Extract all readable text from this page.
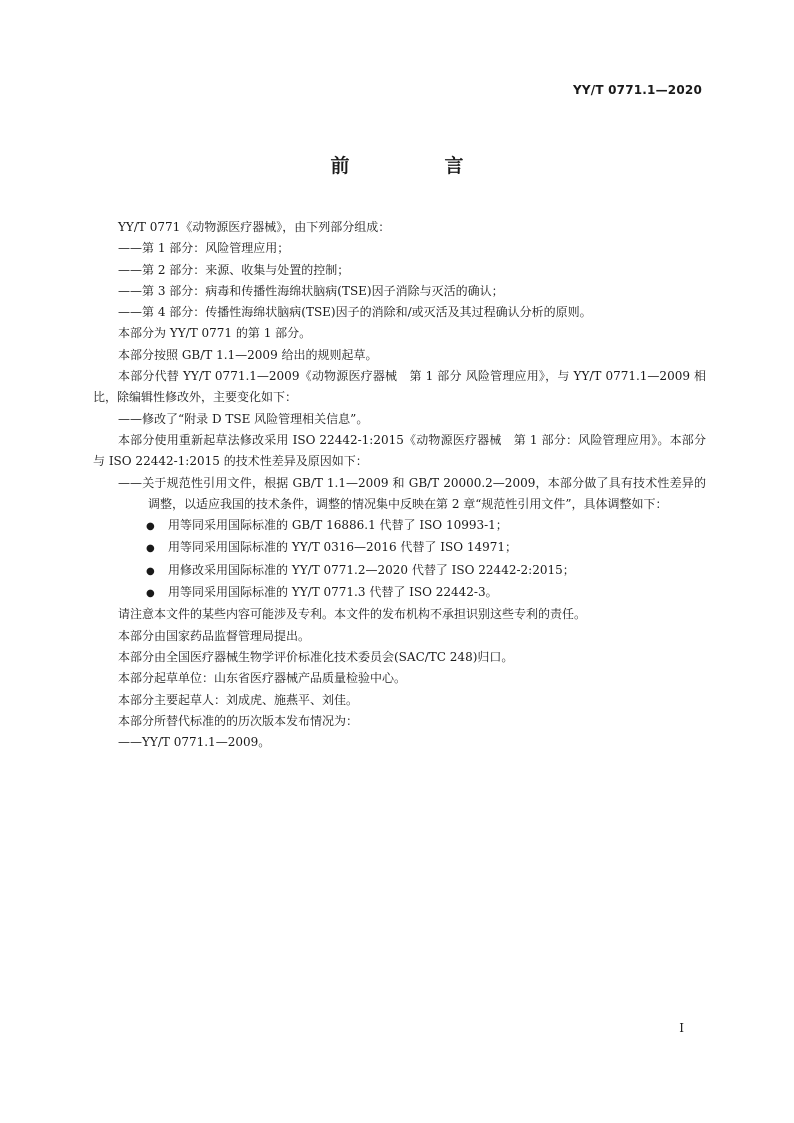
YY/T 0771.1—2020
前　言

YY/T 0771《动物源医疗器械》，由下列部分组成：

——第 1 部分：风险管理应用；

——第 2 部分：来源、收集与处置的控制；

——第 3 部分：病毒和传播性海绵状脑病(TSE)因子消除与灭活的确认；

——第 4 部分：传播性海绵状脑病(TSE)因子的消除和/或灭活及其过程确认分析的原则。

本部分为 YY/T 0771 的第 1 部分。

本部分按照 GB/T 1.1—2009 给出的规则起草。

本部分代替 YY/T 0771.1—2009《动物源医疗器械　第 1 部分 风险管理应用》，与 YY/T 0771.1—2009 相比，除编辑性修改外，主要变化如下：

——修改了“附录 D TSE 风险管理相关信息”。

本部分使用重新起草法修改采用 ISO 22442-1:2015《动物源医疗器械　第 1 部分：风险管理应用》。本部分与 ISO 22442-1:2015 的技术性差异及原因如下：

——关于规范性引用文件，根据 GB/T 1.1—2009 和 GB/T 20000.2—2009，本部分做了具有技术性差异的调整，以适应我国的技术条件，调整的情况集中反映在第 2 章“规范性引用文件”，具体调整如下：

● 用等同采用国际标准的 GB/T 16886.1 代替了 ISO 10993-1；

● 用等同采用国际标准的 YY/T 0316—2016 代替了 ISO 14971；

● 用修改采用国际标准的 YY/T 0771.2—2020 代替了 ISO 22442-2:2015；

● 用等同采用国际标准的 YY/T 0771.3 代替了 ISO 22442-3。

请注意本文件的某些内容可能涉及专利。本文件的发布机构不承担识别这些专利的责任。

本部分由国家药品监督管理局提出。

本部分由全国医疗器械生物学评价标准化技术委员会(SAC/TC 248)归口。

本部分起草单位：山东省医疗器械产品质量检验中心。

本部分主要起草人：刘成虎、施燕平、刘佳。

本部分所替代标准的的历次版本发布情况为：

——YY/T 0771.1—2009。

I
